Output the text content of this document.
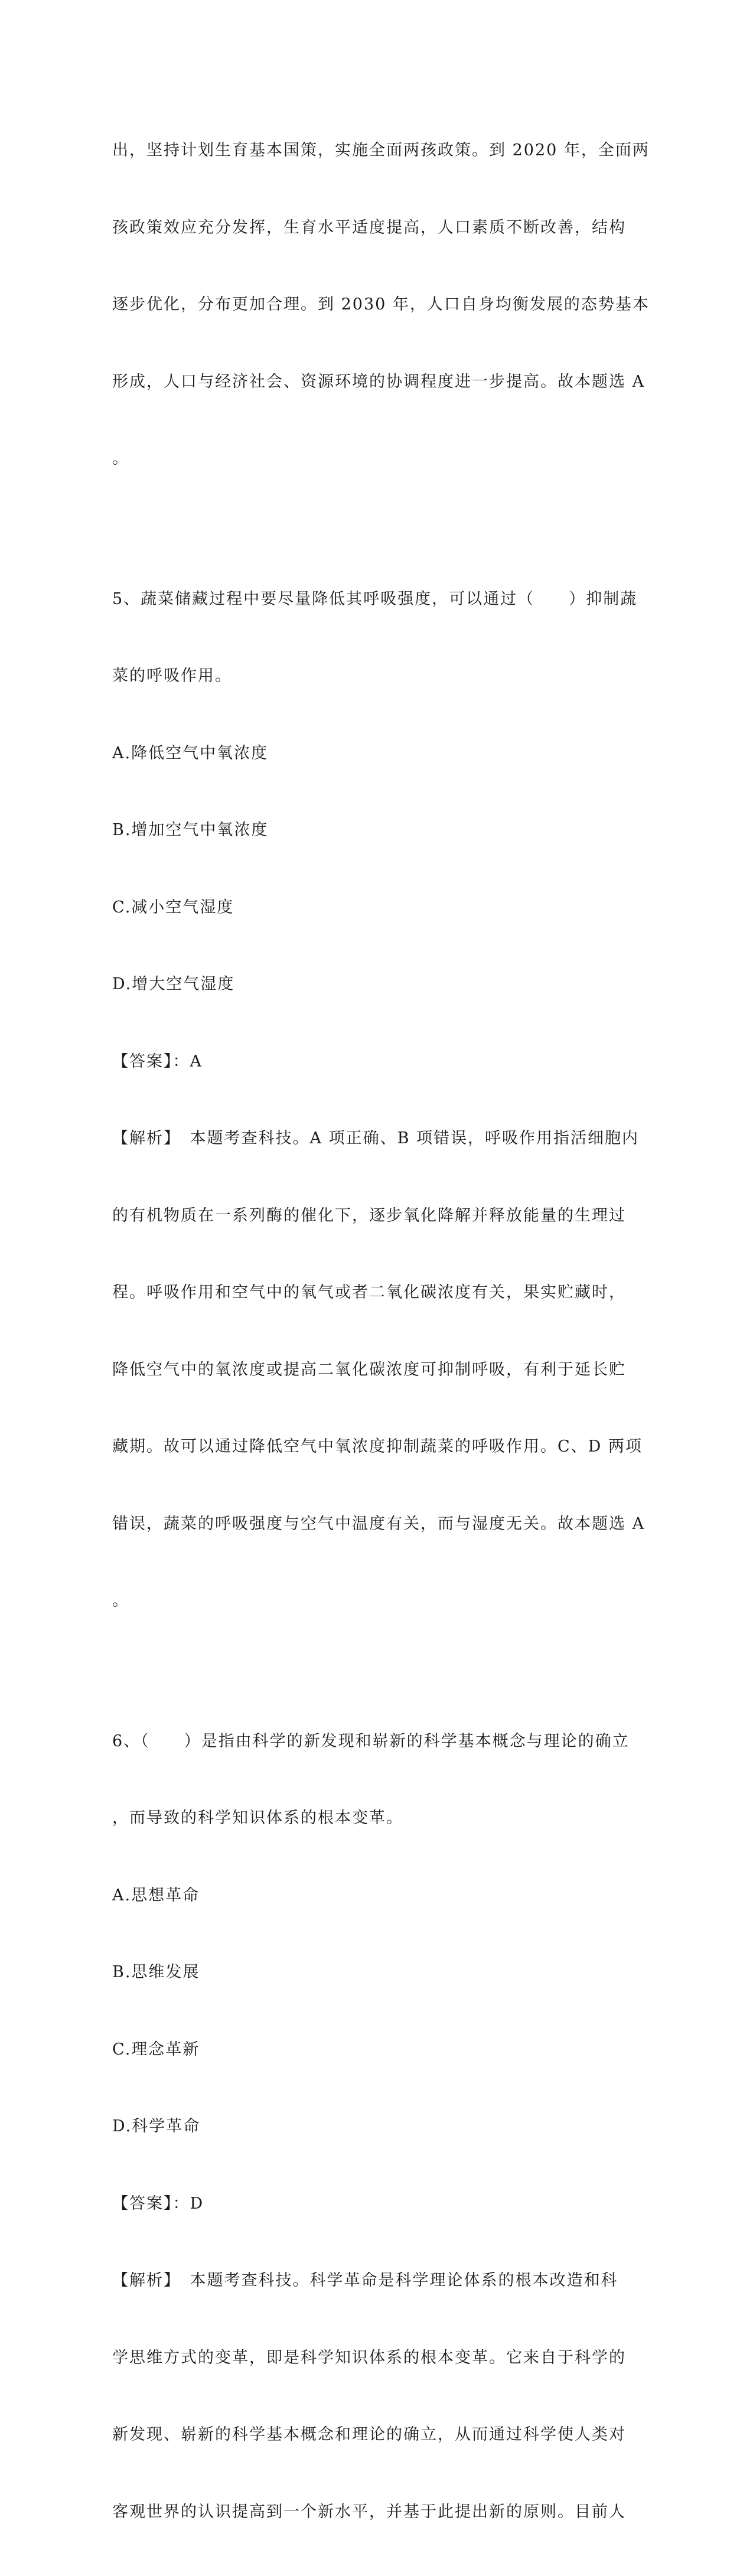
出，坚持计划生育基本国策，实施全面两孩政策。到 2020 年，全面两

孩政策效应充分发挥，生育水平适度提高，人口素质不断改善，结构

逐步优化，分布更加合理。到 2030 年，人口自身均衡发展的态势基本

形成，人口与经济社会、资源环境的协调程度进一步提高。故本题选 A

。

5、蔬菜储藏过程中要尽量降低其呼吸强度，可以通过（　　）抑制蔬

菜的呼吸作用。

A.降低空气中氧浓度

B.增加空气中氧浓度

C.减小空气湿度

D.增大空气湿度

【答案】：A

【解析】　本题考查科技。A 项正确、B 项错误，呼吸作用指活细胞内

的有机物质在一系列酶的催化下，逐步氧化降解并释放能量的生理过

程。呼吸作用和空气中的氧气或者二氧化碳浓度有关，果实贮藏时，

降低空气中的氧浓度或提高二氧化碳浓度可抑制呼吸，有利于延长贮

藏期。故可以通过降低空气中氧浓度抑制蔬菜的呼吸作用。C、D 两项

错误，蔬菜的呼吸强度与空气中温度有关，而与湿度无关。故本题选 A

。

6、（　　）是指由科学的新发现和崭新的科学基本概念与理论的确立

，而导致的科学知识体系的根本变革。

A.思想革命

B.思维发展

C.理念革新

D.科学革命

【答案】：D

【解析】　本题考查科技。科学革命是科学理论体系的根本改造和科

学思维方式的变革，即是科学知识体系的根本变革。它来自于科学的

新发现、崭新的科学基本概念和理论的确立，从而通过科学使人类对

客观世界的认识提高到一个新水平，并基于此提出新的原则。目前人
